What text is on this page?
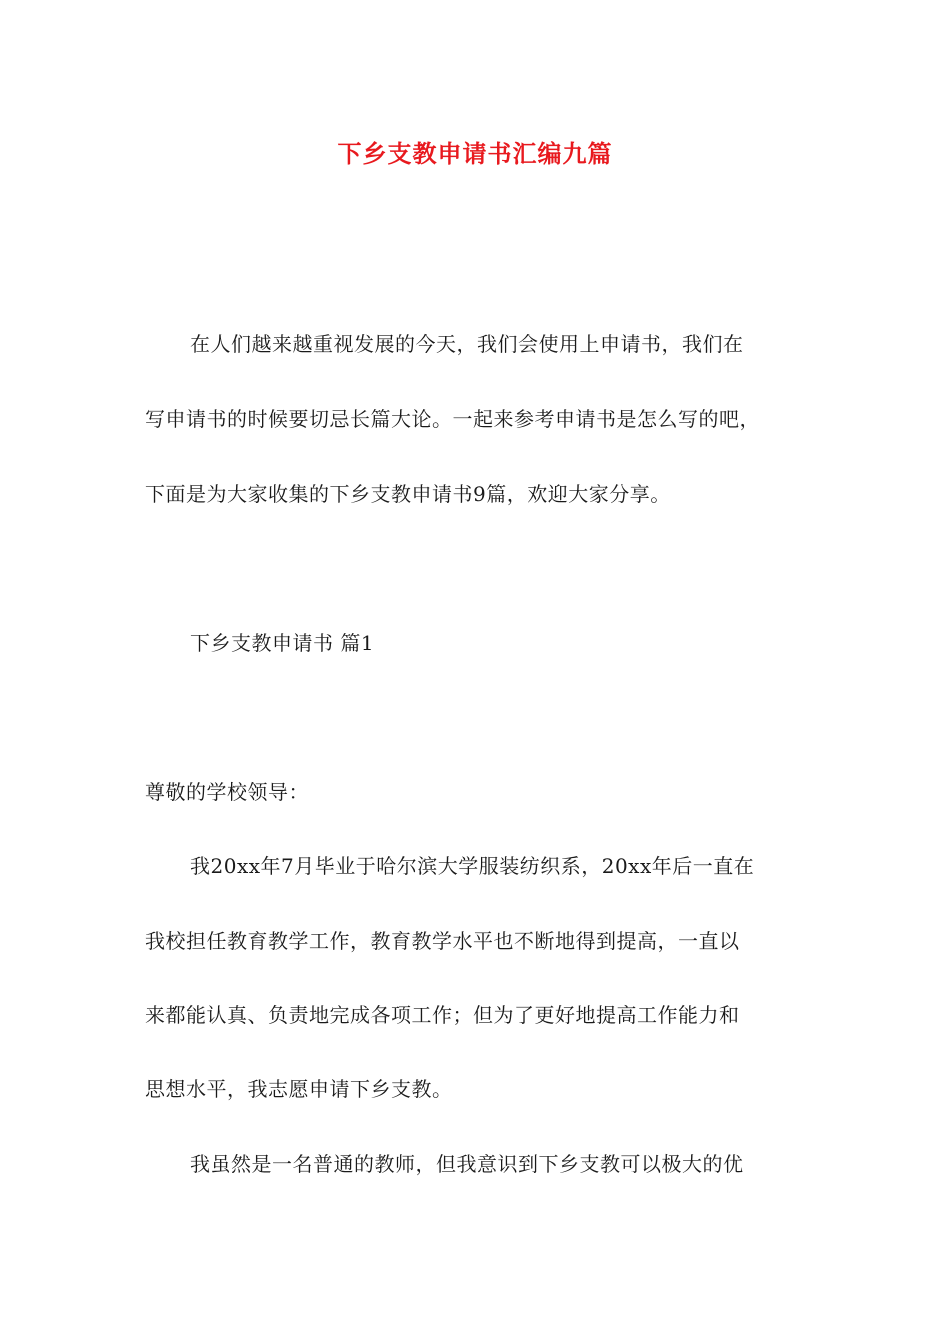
下乡支教申请书汇编九篇
在人们越来越重视发展的今天，我们会使用上申请书，我们在
写申请书的时候要切忌长篇大论。一起来参考申请书是怎么写的吧，
下面是为大家收集的下乡支教申请书9篇，欢迎大家分享。
下乡支教申请书 篇1
尊敬的学校领导：
我20xx年7月毕业于哈尔滨大学服装纺织系，20xx年后一直在
我校担任教育教学工作，教育教学水平也不断地得到提高，一直以
来都能认真、负责地完成各项工作；但为了更好地提高工作能力和
思想水平，我志愿申请下乡支教。
我虽然是一名普通的教师，但我意识到下乡支教可以极大的优
